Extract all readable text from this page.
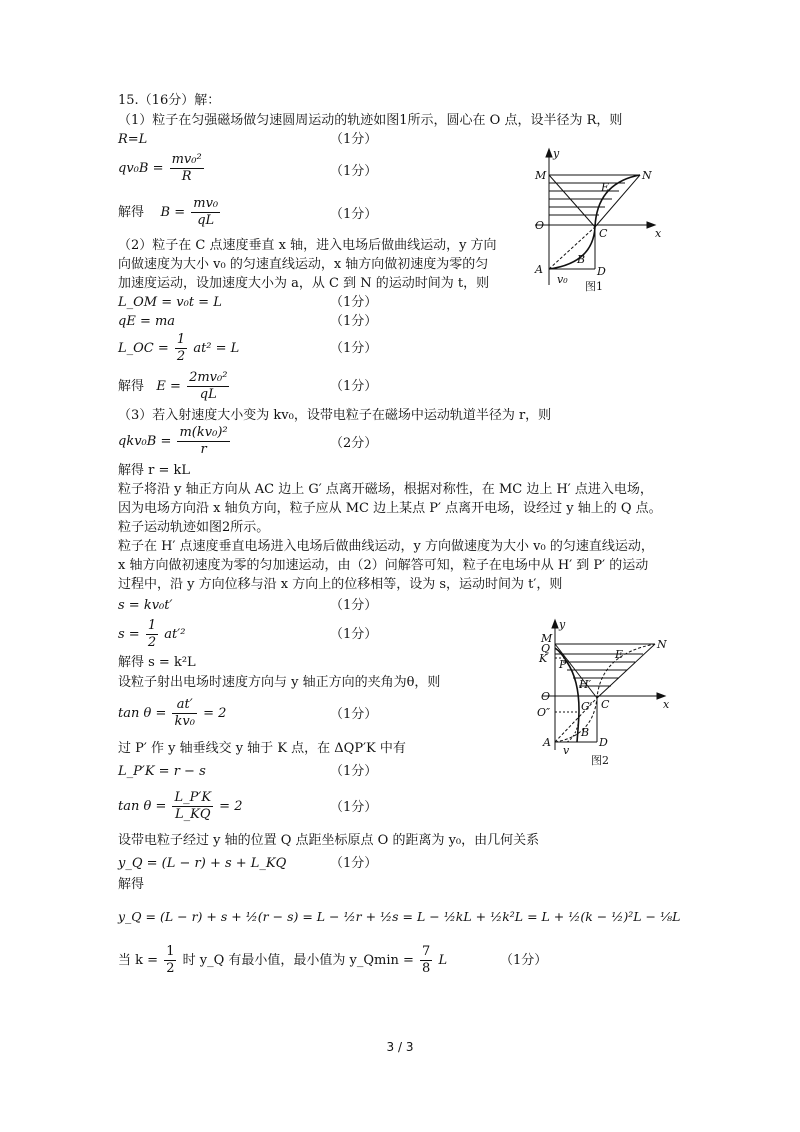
15.（16分）解：
（1）粒子在匀强磁场做匀速圆周运动的轨迹如图1所示，圆心在 O 点，设半径为 R，则
R=L	（1分）
$qv_0B = \frac{\text{mv₀²}}{R}$	（1分）
解得 $B = \frac{\text{mv₀}}{qL}$	（1分）
（2）粒子在 C 点速度垂直 x 轴，进入电场后做曲线运动，y 方向
向做速度为大小 v₀ 的匀速直线运动，x 轴方向做初速度为零的匀
加速度运动，设加速度大小为 a，从 C 到 N 的运动时间为 t，则
L_OM = v₀t = L	（1分）
qE = ma	（1分）
L_OC = $\frac{1}{2} at^2 = L$	（1分）
解得 $E = \frac{\text{2mv₀²}}{qL}$	（1分）
（3）若入射速度大小变为 kv₀，设带电粒子在磁场中运动轨道半径为 r，则
$qkv_0B = \frac{\text{m(kv₀)²}}{r}$	（2分）
解得 r = kL
粒子将沿 y 轴正方向从 AC 边上 G′ 点离开磁场，根据对称性，在 MC 边上 H′ 点进入电场，
因为电场方向沿 x 轴负方向，粒子应从 MC 边上某点 P′ 点离开电场，设经过 y 轴上的 Q 点。
粒子运动轨迹如图2所示。
粒子在 H′ 点速度垂直电场进入电场后做曲线运动，y 方向做速度为大小 v₀ 的匀速直线运动，
x 轴方向做初速度为零的匀加速运动，由（2）问解答可知，粒子在电场中从 H′ 到 P′ 的运动
过程中，沿 y 方向位移与沿 x 方向上的位移相等，设为 s，运动时间为 t′，则
s = kv₀t′	（1分）
$s = \frac{1}{2} at'^2$	（1分）
解得 s = k²L
设粒子射出电场时速度方向与 y 轴正方向的夹角为θ，则
$\tan \theta = \frac{at'}{\text{kv₀}} = 2$	（1分）
过 P′ 作 y 轴垂线交 y 轴于 K 点，在 ΔQP′K 中有
L_P′K = r − s	（1分）
$\tan \theta = \frac{L\_P'K}{L\_KQ} = 2$	（1分）
设带电粒子经过 y 轴的位置 Q 点距坐标原点 O 的距离为 y₀，由几何关系
y_Q = (L − r) + s + L_KQ	（1分）
解得
y_Q = (L − r) + s + ½(r − s) = L − ½r + ½s = L − ½kL + ½k²L = L + ½(k − ½)²L − ⅛L
当 $k = \frac{1}{2}$ 时 y_Q 有最小值，最小值为 y_Qmin = $\frac{7}{8}$ L	（1分）
y
x
M	N
O
C
A	D
B
E
v₀
图1
y
x
M	N
Q
K P′
E
H′
O
O″	G′ C
A
B
D
v
图2
3 / 3
